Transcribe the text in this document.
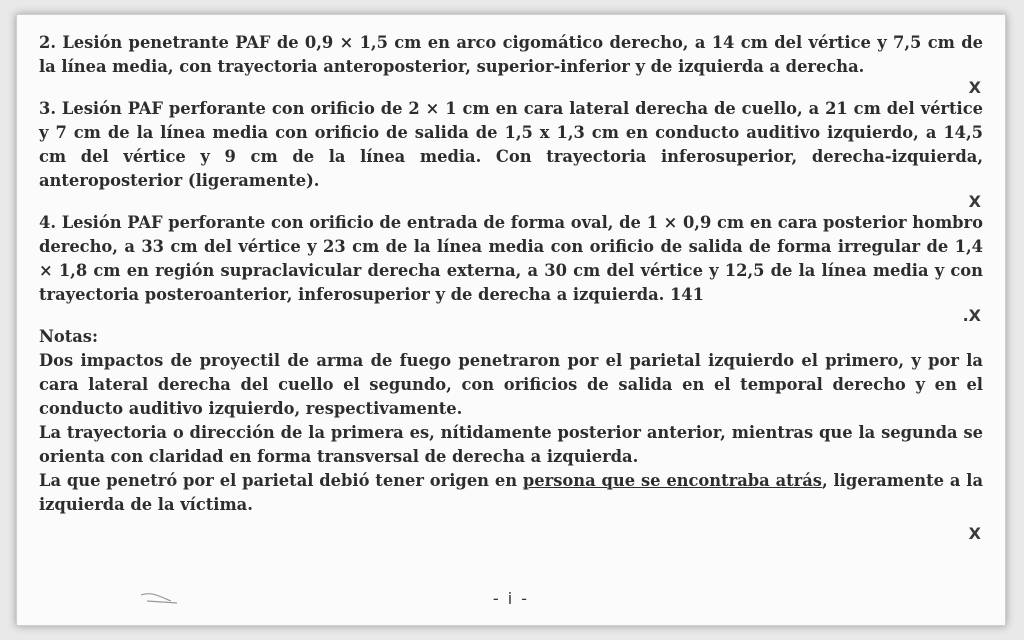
2. Lesión penetrante PAF de 0,9 × 1,5 cm en arco cigomático derecho, a 14 cm del vértice y 7,5 cm de la línea media, con trayectoria anteroposterior, superior-inferior y de izquierda a derecha.

X

3. Lesión PAF perforante con orificio de 2 × 1 cm en cara lateral derecha de cuello, a 21 cm del vértice y 7 cm de la línea media con orificio de salida de 1,5 x 1,3 cm en conducto auditivo izquierdo, a 14,5 cm del vértice y 9 cm de la línea media. Con trayectoria inferosuperior, derecha-izquierda, anteroposterior (ligeramente).

X

4. Lesión PAF perforante con orificio de entrada de forma oval, de 1 × 0,9 cm en cara posterior hombro derecho, a 33 cm del vértice y 23 cm de la línea media con orificio de salida de forma irregular de 1,4 × 1,8 cm en región supraclavicular derecha externa, a 30 cm del vértice y 12,5 de la línea media y con trayectoria posteroanterior, inferosuperior y de derecha a izquierda. 141

.X

Notas:

Dos impactos de proyectil de arma de fuego penetraron por el parietal izquierdo el primero, y por la cara lateral derecha del cuello el segundo, con orificios de salida en el temporal derecho y en el conducto auditivo izquierdo, respectivamente.

La trayectoria o dirección de la primera es, nítidamente posterior anterior, mientras que la segunda se orienta con claridad en forma transversal de derecha a izquierda.

La que penetró por el parietal debió tener origen en persona que se encontraba atrás, ligeramente a la izquierda de la víctima.

X
- i -
